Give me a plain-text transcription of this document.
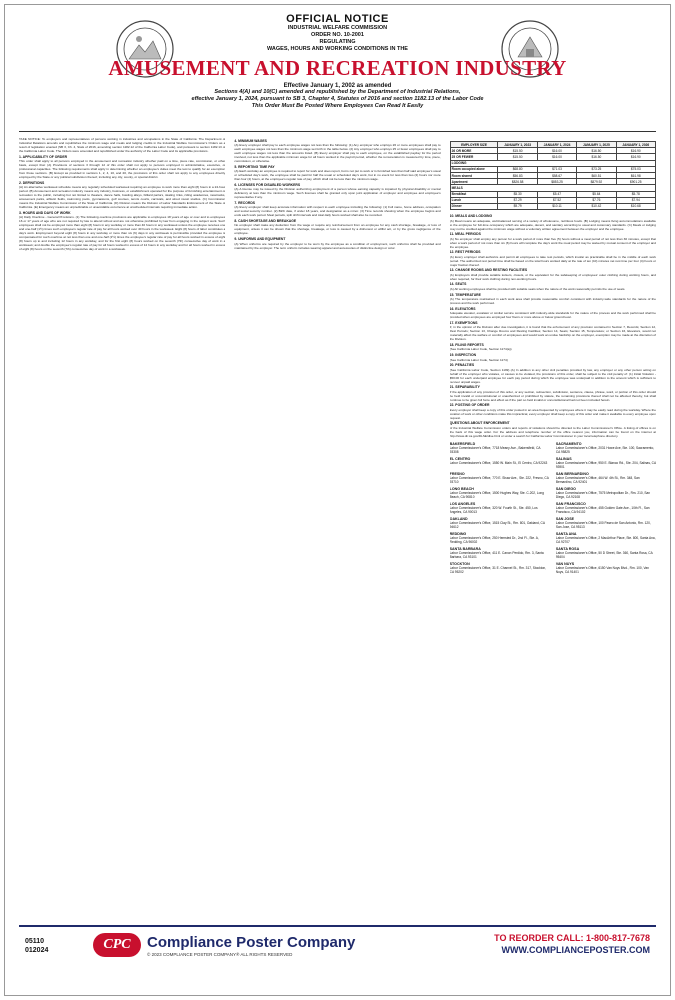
OFFICIAL NOTICE
INDUSTRIAL WELFARE COMMISSION
ORDER NO. 10-2001
REGULATING
WAGES, HOURS AND WORKING CONDITIONS IN THE
AMUSEMENT AND RECREATION INDUSTRY
Effective January 1, 2002 as amended
Sections 4(A) and 10(C) amended and republished by the Department of Industrial Relations,
effective January 1, 2024, pursuant to SB 3, Chapter 4, Statutes of 2016 and section 1182.13 of the Labor Code
This Order Must Be Posted Where Employees Can Read It Easily

TAKE NOTICE: To employers and representatives of persons working in industries and occupations in the State of California: The Department of Industrial Relations amends and republishes the minimum wage and meals and lodging credits in the Industrial Welfare Commission's Orders as a result of legislation enacted (SB 3, Ch. 4, Stats of 2016, amending section 1182.12 of the California Labor Code), and pursuant to section 1182.13 of the California Labor Code. The Orders were amended and republished under the authority of the Labor Code and its applicable provisions.

1. APPLICABILITY OF ORDER

This order shall apply to all persons employed in the amusement and recreation industry whether paid on a time, piece rate, commission, or other basis, except that: (A) Provisions of sections 3 through 12 of this order shall not apply to persons employed in administrative, executive, or professional capacities. The following requirements shall apply in determining whether an employee's duties meet the test to qualify for an exemption from those sections. (B) Except as provided in sections 1, 2, 4, 10, and 20, the provisions of this order shall not apply to any employees directly employed by the State or any political subdivision thereof, including any city, county, or special district.

2. DEFINITIONS

(A) An alternative workweek schedule means any regularly scheduled workweek requiring an employee to work more than eight (8) hours in a 24-hour period. (B) Amusement and recreation industry means any industry, business, or establishment operated for the purpose of furnishing entertainment or recreation to the public, including but not limited to theaters, dance halls, bowling alleys, billiard parlors, skating rinks, riding academies, racetracks, amusement parks, athletic fields, swimming pools, gymnasiums, golf courses, tennis courts, carnivals, and wired music studios. (C) Commission means the Industrial Welfare Commission of the State of California. (D) Division means the Division of Labor Standards Enforcement of the State of California. (E) Emergency means an unpredictable or unavoidable occurrence at unscheduled intervals requiring immediate action.

3. HOURS AND DAYS OF WORK

(A) Daily Overtime - General Provisions. (1) The following overtime provisions are applicable to employees 18 years of age or over and to employees 16 or 17 years of age who are not required by law to attend school and are not otherwise prohibited by law from engaging in the subject work. Such employees shall not be employed more than eight (8) hours in any workday or more than 40 hours in any workweek unless the employee receives one and one-half (1½) times such employee's regular rate of pay for all hours worked over 40 hours in the workweek. Eight (8) hours of labor constitutes a day's work. Employment beyond eight (8) hours in any workday or more than six (6) days in any workweek is permissible provided the employee is compensated for such overtime at not less than one and one-half (1½) times the employee's regular rate of pay for all hours worked in excess of eight (8) hours up to and including 12 hours in any workday, and for the first eight (8) hours worked on the seventh (7th) consecutive day of work in a workweek; and double the employee's regular rate of pay for all hours worked in excess of 12 hours in any workday and for all hours worked in excess of eight (8) hours on the seventh (7th) consecutive day of work in a workweek.

4. MINIMUM WAGES

(A) Every employer shall pay to each employee wages not less than the following: (1) Any employer who employs 26 or more employees shall pay to each employee wages not less than the minimum wage set forth in the table below. (2) Any employer who employs 25 or fewer employees shall pay to each employee wages not less than the amounts listed. (B) Every employer shall pay to each employee, on the established payday for the period involved, not less than the applicable minimum wage for all hours worked in the payroll period, whether the remuneration is measured by time, piece, commission, or otherwise.

5. REPORTING TIME PAY

(A) Each workday an employee is required to report for work and does report, but is not put to work or is furnished less than half said employee's usual or scheduled day's work, the employee shall be paid for half the usual or scheduled day's work, but in no event for less than two (2) hours nor more than four (4) hours, at the employee's regular rate of pay, which shall not be less than the minimum wage.

6. LICENSES FOR DISABLED WORKERS

(A) A license may be issued by the Division authorizing employment of a person whose earning capacity is impaired by physical disability or mental deficiency at less than the minimum wage. Such licenses shall be granted only upon joint application of employer and employee and employee's representative if any.

7. RECORDS

(A) Every employer shall keep accurate information with respect to each employee including the following: (1) Full name, home address, occupation and social security number. (2) Birth date, if under 18 years, and designation as a minor. (3) Time records showing when the employee begins and ends each work period. Meal periods, split shift intervals and total daily hours worked shall also be recorded.

8. CASH SHORTAGE AND BREAKAGE

No employer shall make any deduction from the wage or require any reimbursement from an employee for any cash shortage, breakage, or loss of equipment, unless it can be shown that the shortage, breakage, or loss is caused by a dishonest or willful act, or by the gross negligence of the employee.

9. UNIFORMS AND EQUIPMENT

(A) When uniforms are required by the employer to be worn by the employee as a condition of employment, such uniforms shall be provided and maintained by the employer. The term uniform includes wearing apparel and accessories of distinctive design or color.

EMPLOYER SIZE	JANUARY 1, 2023	JANUARY 1, 2024	JANUARY 1, 2025	JANUARY 1, 2026
26 OR MORE	$15.50	$16.00	$16.50	$16.90
25 OR FEWER	$15.50	$16.00	$16.50	$16.90
LODGING				
Room occupied alone	$68.80	$71.03	$73.25	$75.03
Room shared	$56.83	$58.67	$60.51	$61.98
Apartment	$826.58	$853.25	$879.92	$901.25
MEALS				
Breakfast	$5.30	$5.47	$5.64	$5.78
Lunch	$7.29	$7.52	$7.76	$7.94
Dinner	$9.79	$10.11	$10.42	$10.68
10. MEALS AND LODGING

(A) Meal means an adequate, well-balanced serving of a variety of wholesome, nutritious foods. (B) Lodging means living accommodations available to the employee for full-time occupancy which are adequate, decent, and sanitary according to usual and customary standards. (C) Meals or lodging may not be credited against the minimum wage without a voluntary written agreement between the employer and the employee.

11. MEAL PERIODS

(A) No employer shall employ any person for a work period of more than five (5) hours without a meal period of not less than 30 minutes, except that when a work period of not more than six (6) hours will complete the day's work the meal period may be waived by mutual consent of the employer and the employee.

12. REST PERIODS

(A) Every employer shall authorize and permit all employees to take rest periods, which insofar as practicable shall be in the middle of each work period. The authorized rest period time shall be based on the total hours worked daily at the rate of ten (10) minutes net rest time per four (4) hours or major fraction thereof.

13. CHANGE ROOMS AND RESTING FACILITIES

(A) Employers shall provide suitable lockers, closets, or the equivalent for the safekeeping of employees' outer clothing during working hours, and when required, for their work clothing during non-working hours.

14. SEATS

(A) All working employees shall be provided with suitable seats when the nature of the work reasonably permits the use of seats.

15. TEMPERATURE

(A) The temperature maintained in each work area shall provide reasonable comfort consistent with industry-wide standards for the nature of the process and the work performed.

16. ELEVATORS

Adequate elevator, escalator or similar service consistent with industry-wide standards for the nature of the process and the work performed shall be provided when employees are employed four floors or more above or below ground level.

17. EXEMPTIONS

If, in the opinion of the Division after due investigation, it is found that the enforcement of any provision contained in Section 7, Records; Section 12, Rest Periods; Section 13, Change Rooms and Resting Facilities; Section 14, Seats; Section 15, Temperature; or Section 16, Elevators, would not materially affect the welfare or comfort of employees and would work an undue hardship on the employer, exemption may be made at the discretion of the Division.

18. FILING REPORTS

(See California Labor Code, Section 1174(a))

19. INSPECTION

(See California Labor Code, Section 1174)

20. PENALTIES

(See California Labor Code, Section 1199) (A) In addition to any other civil penalties provided by law, any employer or any other person acting on behalf of the employer who violates, or causes to be violated, the provisions of this order, shall be subject to the civil penalty of: (1) Initial Violation - $50.00 for each underpaid employee for each pay period during which the employee was underpaid in addition to the amount which is sufficient to recover unpaid wages.

21. SEPARABILITY

If the application of any provision of this order, or any section, subsection, subdivision, sentence, clause, phrase, word, or portion of this order should be held invalid or unconstitutional or unauthorized or prohibited by statute, the remaining provisions thereof shall not be affected thereby, but shall continue to be given full force and effect as if the part so held invalid or unconstitutional had not been included herein.

22. POSTING OF ORDER

Every employer shall keep a copy of this order posted in an area frequented by employees where it may be easily read during the workday. Where the location of work or other conditions make this impractical, every employer shall keep a copy of this order and make it available to every employee upon request.

QUESTIONS ABOUT ENFORCEMENT

of the Industrial Welfare Commission orders and reports of violations should be directed to the Labor Commissioner's Office. A listing of offices is on the back of this wage order. For the address and telephone number of the office nearest you, information can be found on the internet at http://www.dir.ca.gov/DLSE/dlse.html or under a search for California Labor Commissioner in your local telephone directory.

BAKERSFIELD
Labor Commissioner's Office, 7718 Meany Ave., Bakersfield, CA 93308
SACRAMENTO
Labor Commissioner's Office, 2031 Howe Ave, Ste. 100, Sacramento, CA 95825
EL CENTRO
Labor Commissioner's Office, 1550 W. Main St., El Centro, CA 92243
SALINAS
Labor Commissioner's Office, 950 E. Blanco Rd., Ste. 204, Salinas, CA 93901
FRESNO
Labor Commissioner's Office, 770 E. Shaw Ave., Ste. 222, Fresno, CA 93710
SAN BERNARDINO
Labor Commissioner's Office, 464 W. 4th St., Rm. 348, San Bernardino, CA 92401
LONG BEACH
Labor Commissioner's Office, 1500 Hughes Way, Ste. C-202, Long Beach, CA 90810
SAN DIEGO
Labor Commissioner's Office, 7575 Metropolitan Dr., Rm. 210, San Diego, CA 92108
LOS ANGELES
Labor Commissioner's Office, 320 W. Fourth St., Ste. 450, Los Angeles, CA 90013
SAN FRANCISCO
Labor Commissioner's Office, 455 Golden Gate Ave., 10th Fl., San Francisco, CA 94102
OAKLAND
Labor Commissioner's Office, 1515 Clay St., Rm. 801, Oakland, CA 94612
SAN JOSE
Labor Commissioner's Office, 100 Paseo de San Antonio, Rm. 120, San Jose, CA 95113
REDDING
Labor Commissioner's Office, 250 Hemsted Dr., 2nd Fl., Ste. A, Redding, CA 96002
SANTA ANA
Labor Commissioner's Office, 2 MacArthur Place, Ste. 800, Santa Ana, CA 92707
SANTA BARBARA
Labor Commissioner's Office, 411 E. Canon Perdido, Rm. 3, Santa Barbara, CA 93101
SANTA ROSA
Labor Commissioner's Office, 50 D Street, Ste. 360, Santa Rosa, CA 95404
STOCKTON
Labor Commissioner's Office, 31 E. Channel St., Rm. 317, Stockton, CA 95202
VAN NUYS
Labor Commissioner's Office, 6150 Van Nuys Blvd., Rm. 100, Van Nuys, CA 91401
05110
012024	CPC	Compliance Poster Company
© 2023 COMPLIANCE POSTER COMPANY® ALL RIGHTS RESERVED
TO REORDER CALL: 1-800-817-7678
WWW.COMPLIANCEPOSTER.COM
